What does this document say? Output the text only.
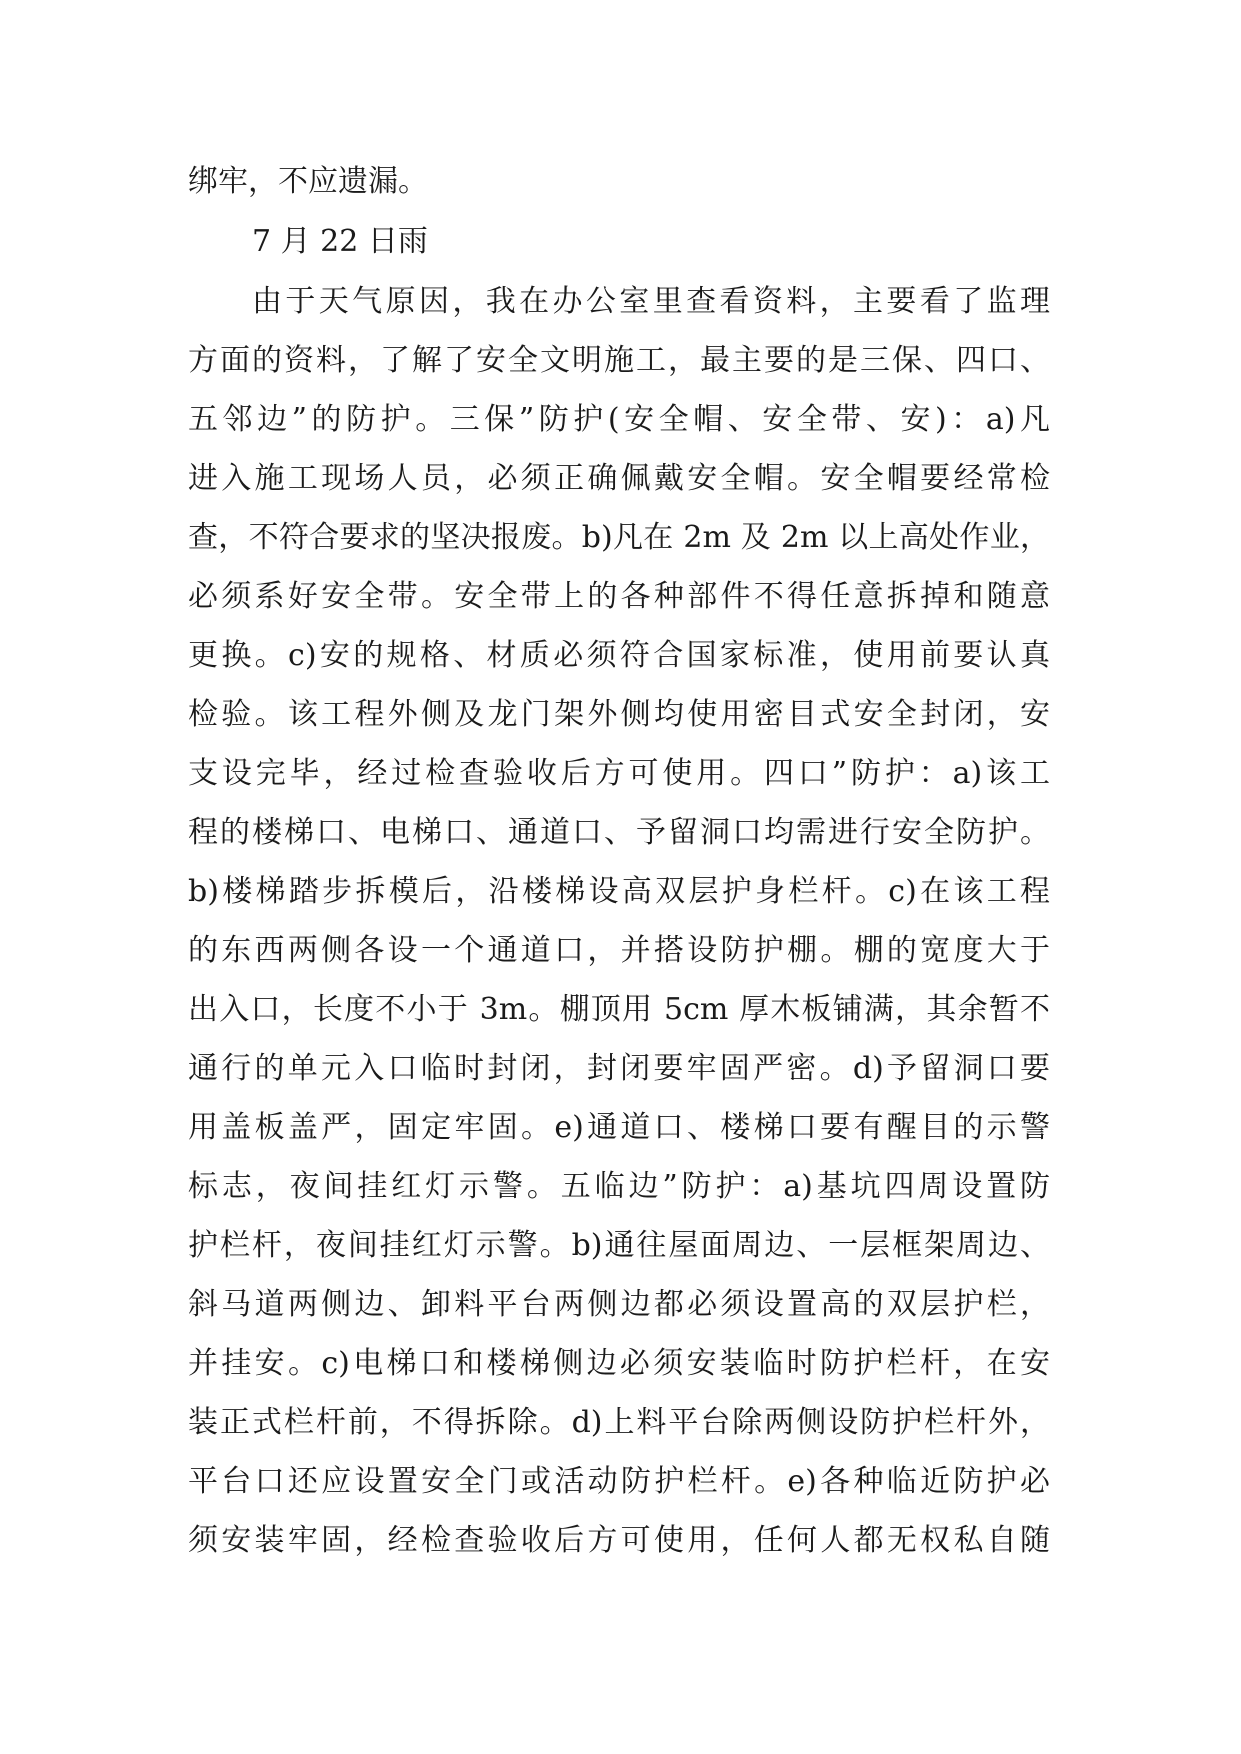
绑牢，不应遗漏。
7 月 22 日雨
由于天气原因，我在办公室里查看资料，主要看了监理
方面的资料，了解了安全文明施工，最主要的是三保、四口、
五邻边”的防护。三保”防护(安全帽、安全带、安)：a)凡
进入施工现场人员，必须正确佩戴安全帽。安全帽要经常检
查，不符合要求的坚决报废。b)凡在 2m 及 2m 以上高处作业，
必须系好安全带。安全带上的各种部件不得任意拆掉和随意
更换。c)安的规格、材质必须符合国家标准，使用前要认真
检验。该工程外侧及龙门架外侧均使用密目式安全封闭，安
支设完毕，经过检查验收后方可使用。四口”防护：a)该工
程的楼梯口、电梯口、通道口、予留洞口均需进行安全防护。
b)楼梯踏步拆模后，沿楼梯设高双层护身栏杆。c)在该工程
的东西两侧各设一个通道口，并搭设防护棚。棚的宽度大于
出入口，长度不小于 3m。棚顶用 5cm 厚木板铺满，其余暂不
通行的单元入口临时封闭，封闭要牢固严密。d)予留洞口要
用盖板盖严，固定牢固。e)通道口、楼梯口要有醒目的示警
标志，夜间挂红灯示警。五临边”防护：a)基坑四周设置防
护栏杆，夜间挂红灯示警。b)通往屋面周边、一层框架周边、
斜马道两侧边、卸料平台两侧边都必须设置高的双层护栏，
并挂安。c)电梯口和楼梯侧边必须安装临时防护栏杆，在安
装正式栏杆前，不得拆除。d)上料平台除两侧设防护栏杆外，
平台口还应设置安全门或活动防护栏杆。e)各种临近防护必
须安装牢固，经检查验收后方可使用，任何人都无权私自随
